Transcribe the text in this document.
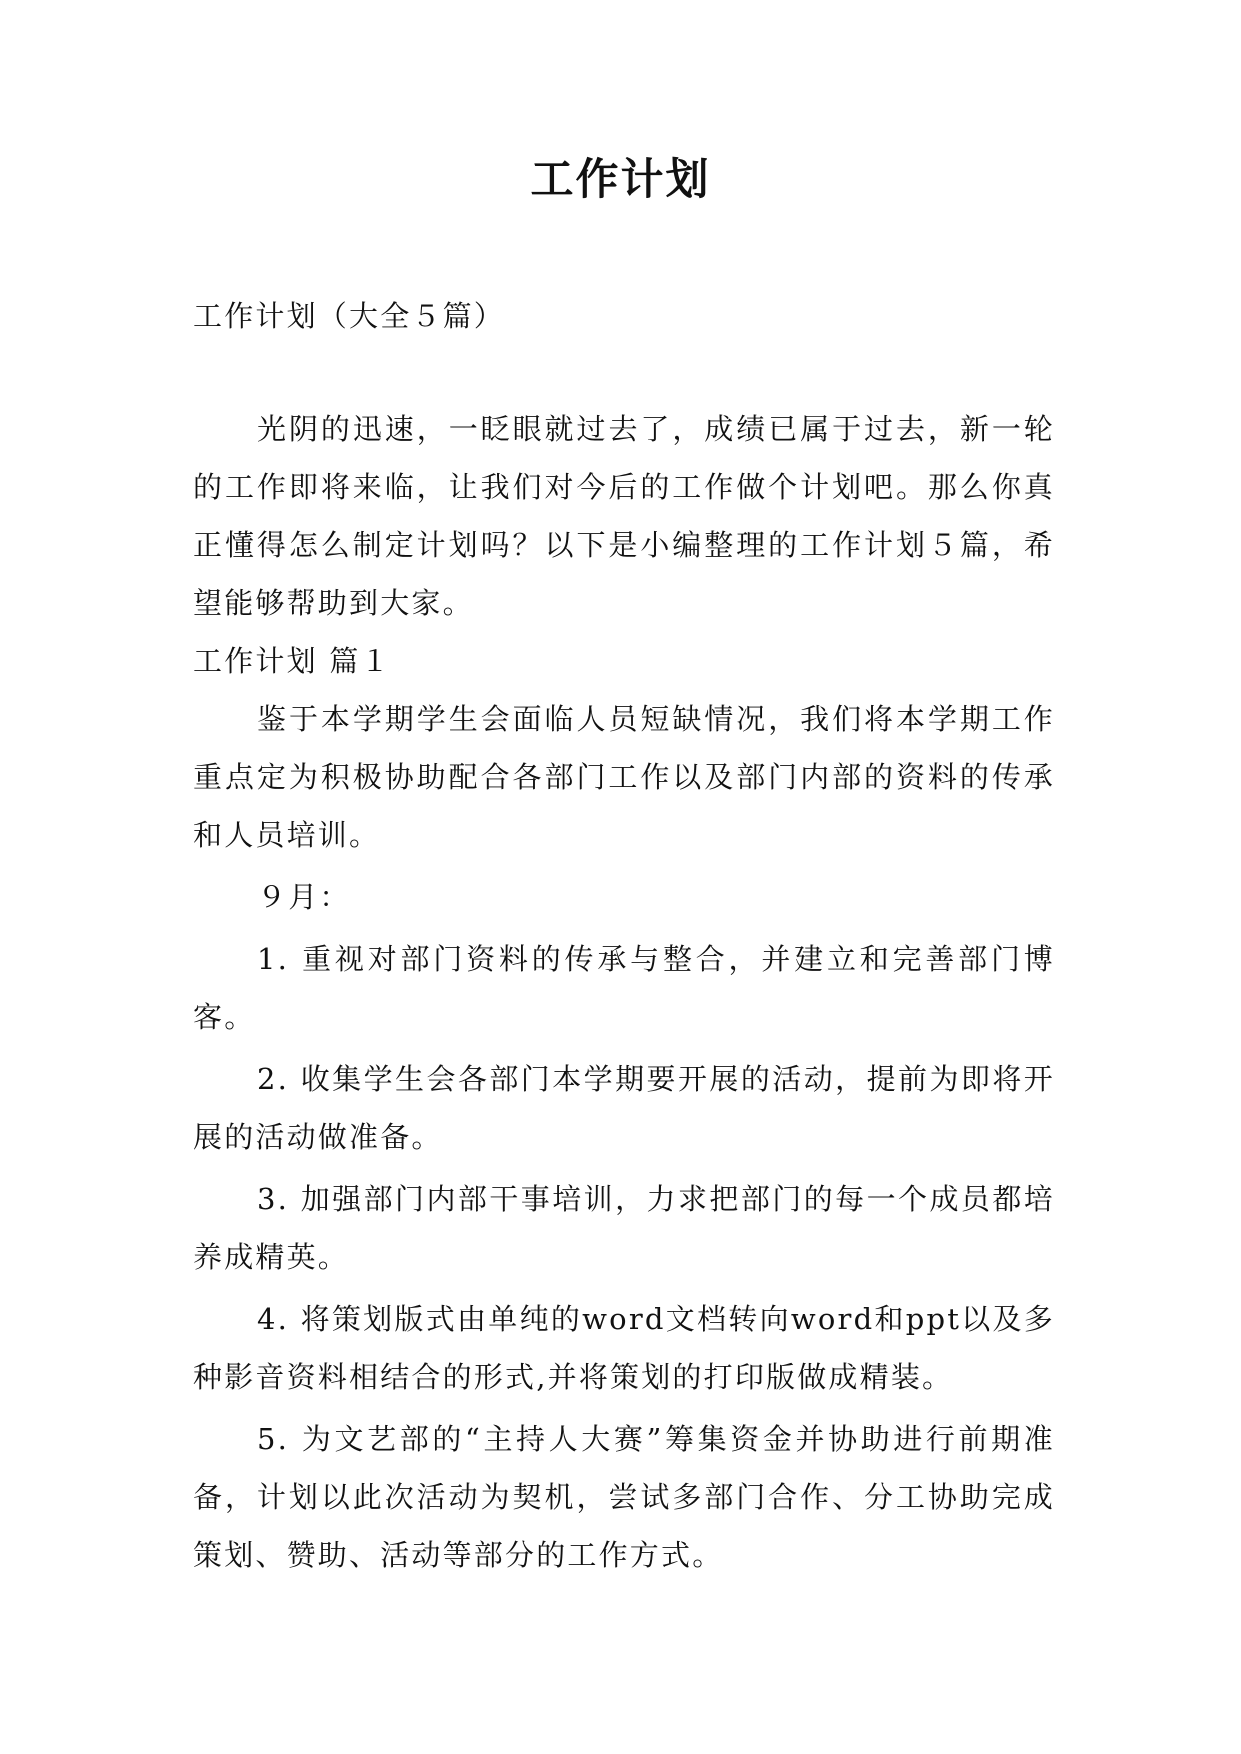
工作计划

工作计划（大全５篇）

光阴的迅速，一眨眼就过去了，成绩已属于过去，新一轮的工作即将来临，让我们对今后的工作做个计划吧。那么你真正懂得怎么制定计划吗？以下是小编整理的工作计划５篇，希望能够帮助到大家。

工作计划 篇１

鉴于本学期学生会面临人员短缺情况，我们将本学期工作重点定为积极协助配合各部门工作以及部门内部的资料的传承和人员培训。

９月：

1. 重视对部门资料的传承与整合，并建立和完善部门博客。

2. 收集学生会各部门本学期要开展的活动，提前为即将开展的活动做准备。

3. 加强部门内部干事培训，力求把部门的每一个成员都培养成精英。

4. 将策划版式由单纯的word文档转向word和ppt以及多种影音资料相结合的形式,并将策划的打印版做成精装。

5. 为文艺部的“主持人大赛”筹集资金并协助进行前期准备，计划以此次活动为契机，尝试多部门合作、分工协助完成策划、赞助、活动等部分的工作方式。
